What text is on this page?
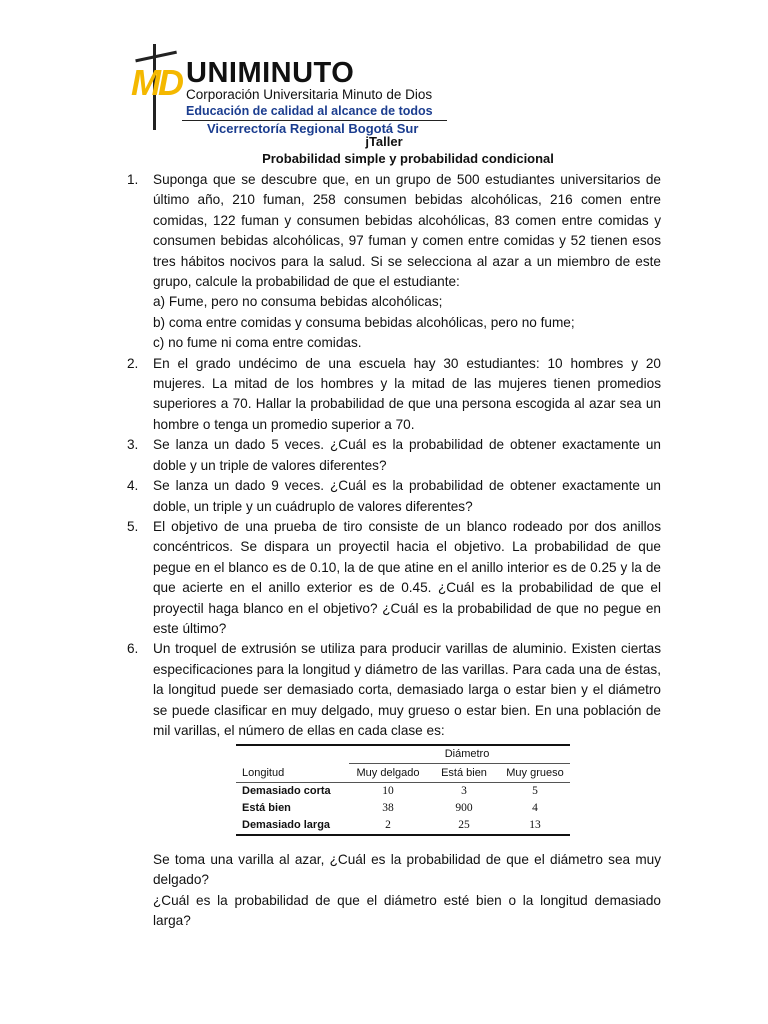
MD UNIMINUTO
Corporación Universitaria Minuto de Dios
Educación de calidad al alcance de todos
Vicerrectoría Regional Bogotá Sur
jTaller
Probabilidad simple y probabilidad condicional
1. Suponga que se descubre que, en un grupo de 500 estudiantes universitarios de último año, 210 fuman, 258 consumen bebidas alcohólicas, 216 comen entre comidas, 122 fuman y consumen bebidas alcohólicas, 83 comen entre comidas y consumen bebidas alcohólicas, 97 fuman y comen entre comidas y 52 tienen esos tres hábitos nocivos para la salud. Si se selecciona al azar a un miembro de este grupo, calcule la probabilidad de que el estudiante:
a) Fume, pero no consuma bebidas alcohólicas;
b) coma entre comidas y consuma bebidas alcohólicas, pero no fume;
c) no fume ni coma entre comidas.
2. En el grado undécimo de una escuela hay 30 estudiantes: 10 hombres y 20 mujeres. La mitad de los hombres y la mitad de las mujeres tienen promedios superiores a 70. Hallar la probabilidad de que una persona escogida al azar sea un hombre o tenga un promedio superior a 70.
3. Se lanza un dado 5 veces. ¿Cuál es la probabilidad de obtener exactamente un doble y un triple de valores diferentes?
4. Se lanza un dado 9 veces. ¿Cuál es la probabilidad de obtener exactamente un doble, un triple y un cuádruplo de valores diferentes?
5. El objetivo de una prueba de tiro consiste de un blanco rodeado por dos anillos concéntricos. Se dispara un proyectil hacia el objetivo. La probabilidad de que pegue en el blanco es de 0.10, la de que atine en el anillo interior es de 0.25 y la de que acierte en el anillo exterior es de 0.45. ¿Cuál es la probabilidad de que el proyectil haga blanco en el objetivo? ¿Cuál es la probabilidad de que no pegue en este último?
6. Un troquel de extrusión se utiliza para producir varillas de aluminio. Existen ciertas especificaciones para la longitud y diámetro de las varillas. Para cada una de éstas, la longitud puede ser demasiado corta, demasiado larga o estar bien y el diámetro se puede clasificar en muy delgado, muy grueso o estar bien. En una población de mil varillas, el número de ellas en cada clase es:
Diámetro
Longitud	Muy delgado	Está bien	Muy grueso
Demasiado corta	10	3	5
Está bien	38	900	4
Demasiado larga	2	25	13
Se toma una varilla al azar, ¿Cuál es la probabilidad de que el diámetro sea muy delgado?
¿Cuál es la probabilidad de que el diámetro esté bien o la longitud demasiado larga?
